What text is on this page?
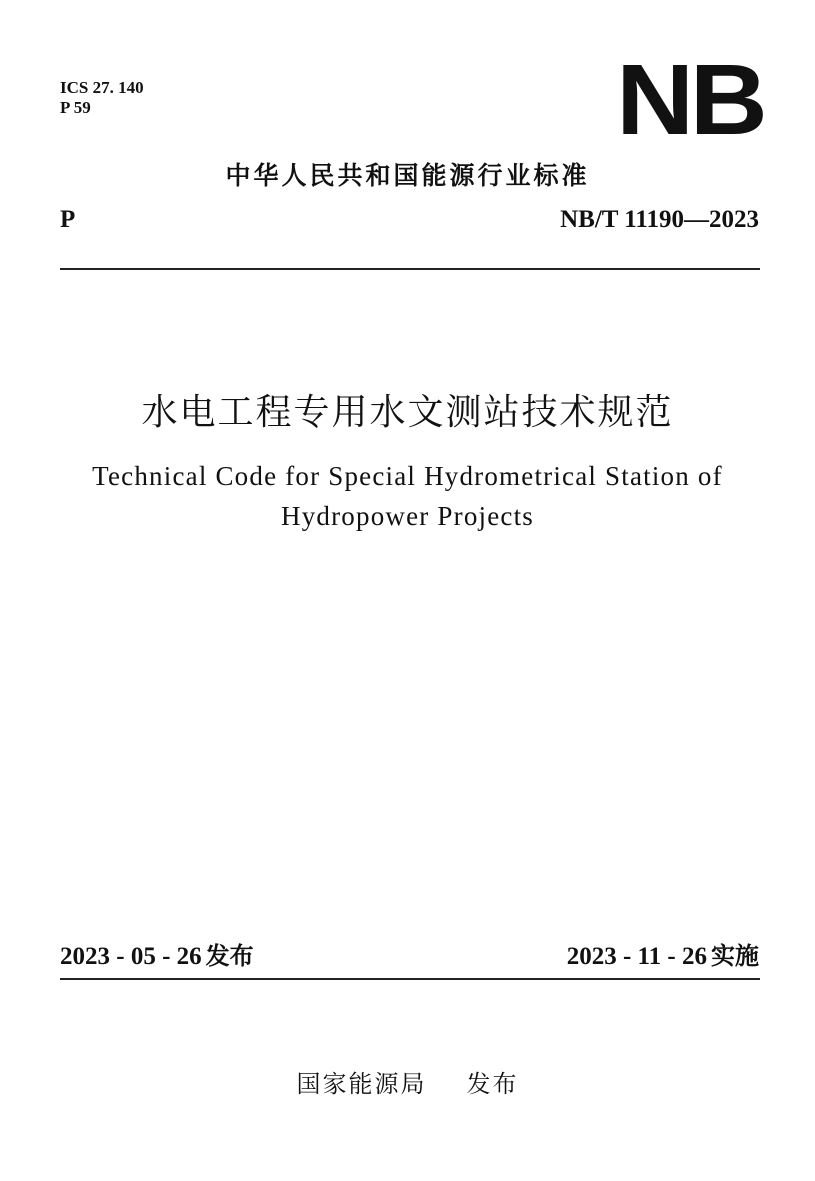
ICS 27. 140
P 59	NB
中华人民共和国能源行业标准
P	NB/T 11190—2023
水电工程专用水文测站技术规范
Technical Code for Special Hydrometrical Station of
Hydropower Projects
2023 - 05 - 26 发布	2023 - 11 - 26 实施
国家能源局 发布
